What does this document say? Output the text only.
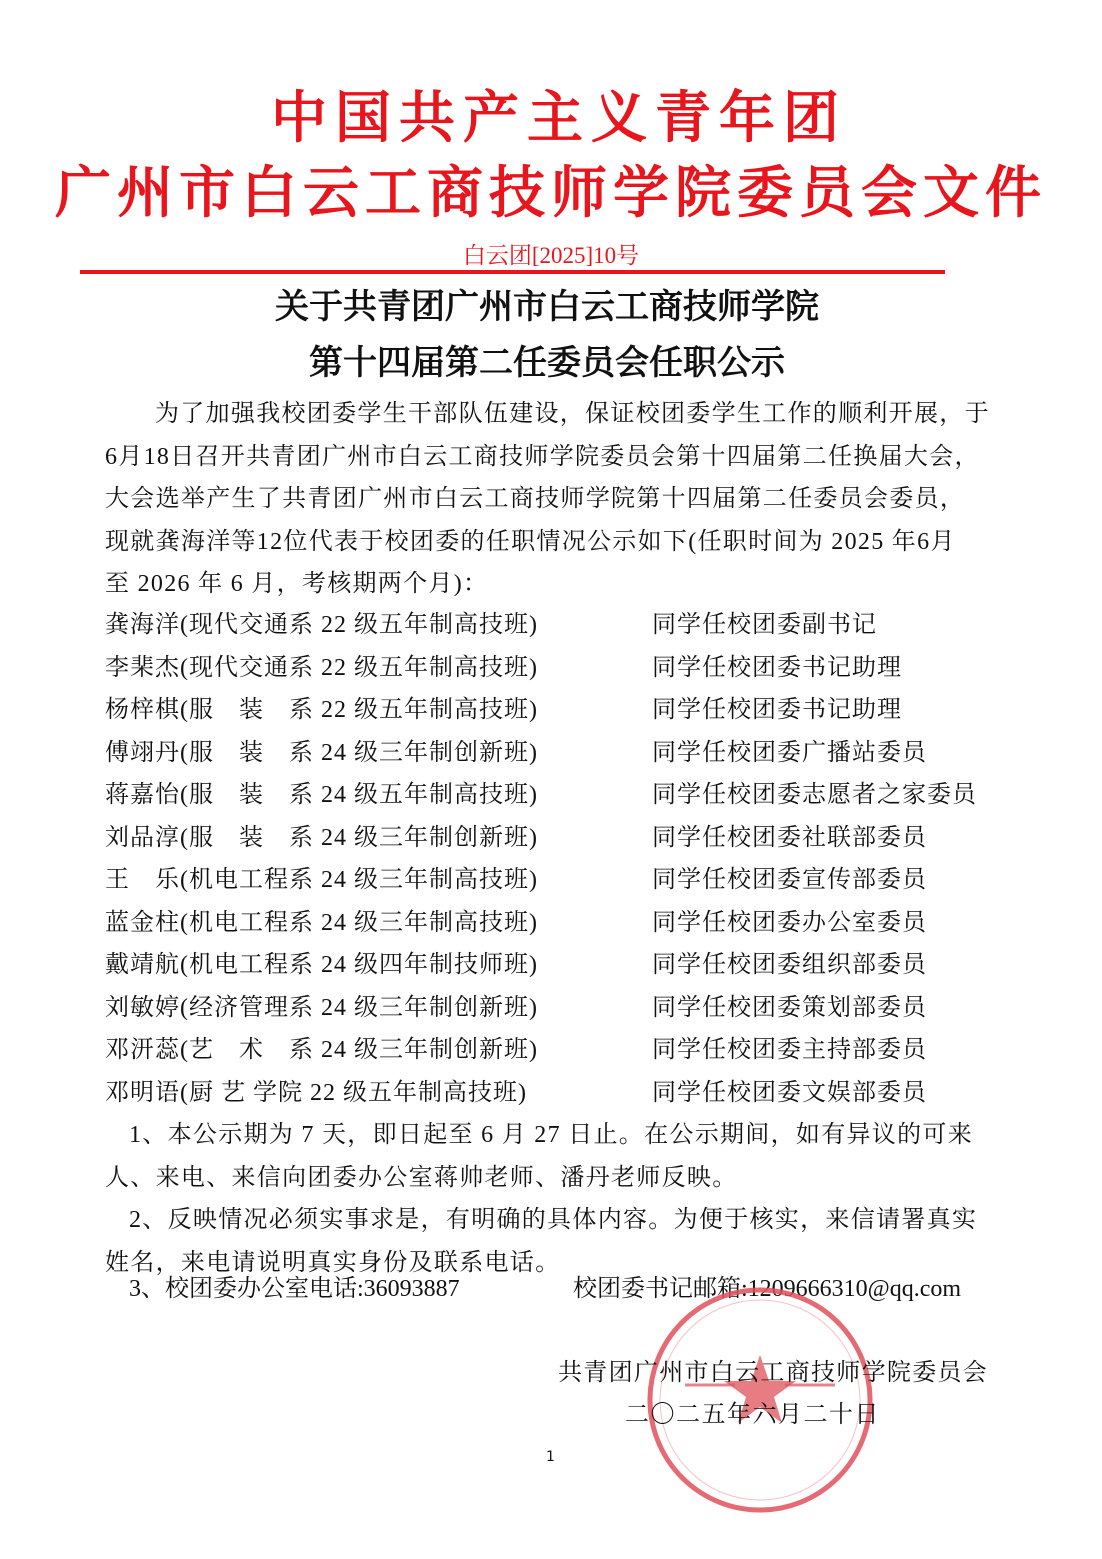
中国共产主义青年团
广州市白云工商技师学院委员会文件
白云团[2025]10号
关于共青团广州市白云工商技师学院
第十四届第二任委员会任职公示
为了加强我校团委学生干部队伍建设，保证校团委学生工作的顺利开展，于
6月18日召开共青团广州市白云工商技师学院委员会第十四届第二任换届大会，
大会选举产生了共青团广州市白云工商技师学院第十四届第二任委员会委员，
现就龚海洋等12位代表于校团委的任职情况公示如下(任职时间为 2025 年6月
至 2026 年 6 月，考核期两个月)：
龚海洋(现代交通系 22 级五年制高技班)	同学任校团委副书记
李棐杰(现代交通系 22 级五年制高技班)	同学任校团委书记助理
杨梓棋(服　装　系 22 级五年制高技班)	同学任校团委书记助理
傅翊丹(服　装　系 24 级三年制创新班)	同学任校团委广播站委员
蒋嘉怡(服　装　系 24 级五年制高技班)	同学任校团委志愿者之家委员
刘品淳(服　装　系 24 级三年制创新班)	同学任校团委社联部委员
王　乐(机电工程系 24 级三年制高技班)	同学任校团委宣传部委员
蓝金柱(机电工程系 24 级三年制高技班)	同学任校团委办公室委员
戴靖航(机电工程系 24 级四年制技师班)	同学任校团委组织部委员
刘敏婷(经济管理系 24 级三年制创新班)	同学任校团委策划部委员
邓汧蕊(艺　术　系 24 级三年制创新班)	同学任校团委主持部委员
邓明语(厨 艺 学院 22 级五年制高技班)	同学任校团委文娱部委员
1、本公示期为 7 天，即日起至 6 月 27 日止。在公示期间，如有异议的可来
人、来电、来信向团委办公室蒋帅老师、潘丹老师反映。
2、反映情况必须实事求是，有明确的具体内容。为便于核实，来信请署真实
姓名，来电请说明真实身份及联系电话。
3、校团委办公室电话:36093887	校团委书记邮箱:1209666310@qq.com
共青团广州市白云工商技师学院委员会
二〇二五年六月二十日
1
